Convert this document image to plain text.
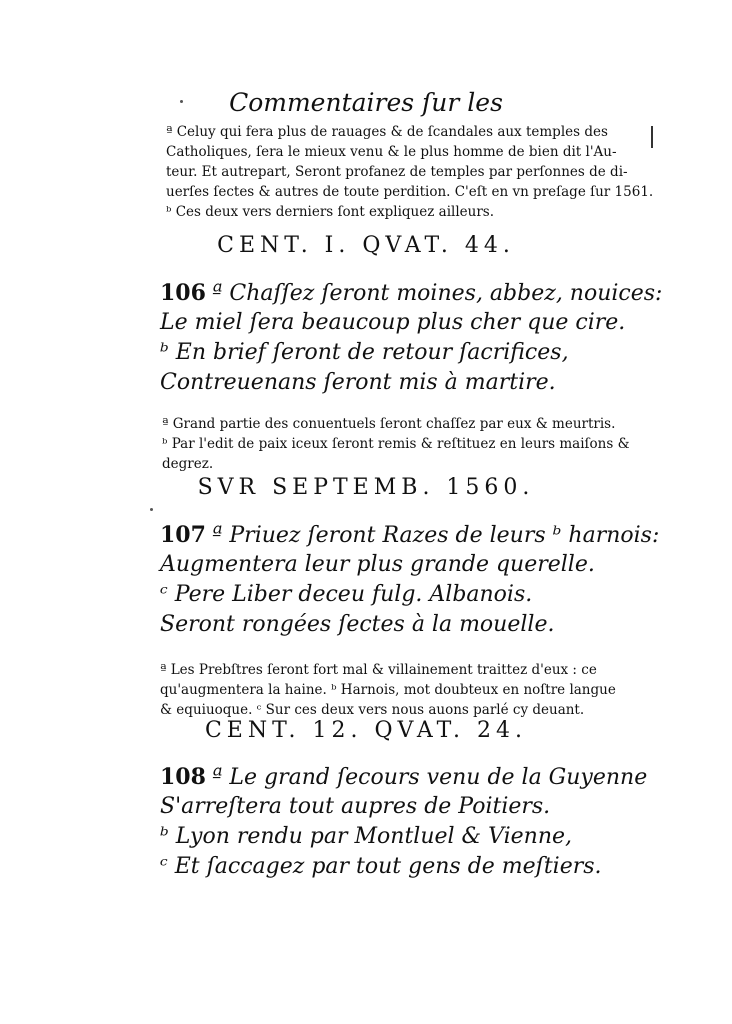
Commentaires ſur les
ª Celuy qui fera plus de rauages & de ſcandales aux temples des
Catholiques, ſera le mieux venu & le plus homme de bien dit l'Au-
teur. Et autrepart, Seront profanez de temples par perſonnes de di-
uerſes ſectes & autres de toute perdition. C'eſt en vn preſage ſur 1561.
ᵇ Ces deux vers derniers ſont expliquez ailleurs.
CENT. I. QVAT. 44.
106 ª Chaſſez ſeront moines, abbez, nouices:
Le miel ſera beaucoup plus cher que cire.
ᵇ En brief ſeront de retour ſacrifices,
Contreuenans ſeront mis à martire.
ª Grand partie des conuentuels ſeront chaſſez par eux & meurtris.
ᵇ Par l'edit de paix iceux ſeront remis & reſtituez en leurs maiſons &
degrez.
SVR SEPTEMB. 1560.
107 ª Priuez ſeront Razes de leurs ᵇ harnois:
Augmentera leur plus grande querelle.
ᶜ Pere Liber deceu fulg. Albanois.
Seront rongées ſectes à la mouelle.
ª Les Prebſtres ſeront fort mal & villainement traittez d'eux : ce
qu'augmentera la haine. ᵇ Harnois, mot doubteux en noſtre langue
& equiuoque. ᶜ Sur ces deux vers nous auons parlé cy deuant.
CENT. 12. QVAT. 24.
108 ª Le grand ſecours venu de la Guyenne
S'arreſtera tout aupres de Poitiers.
ᵇ Lyon rendu par Montluel & Vienne,
ᶜ Et ſaccagez par tout gens de meſtiers.
